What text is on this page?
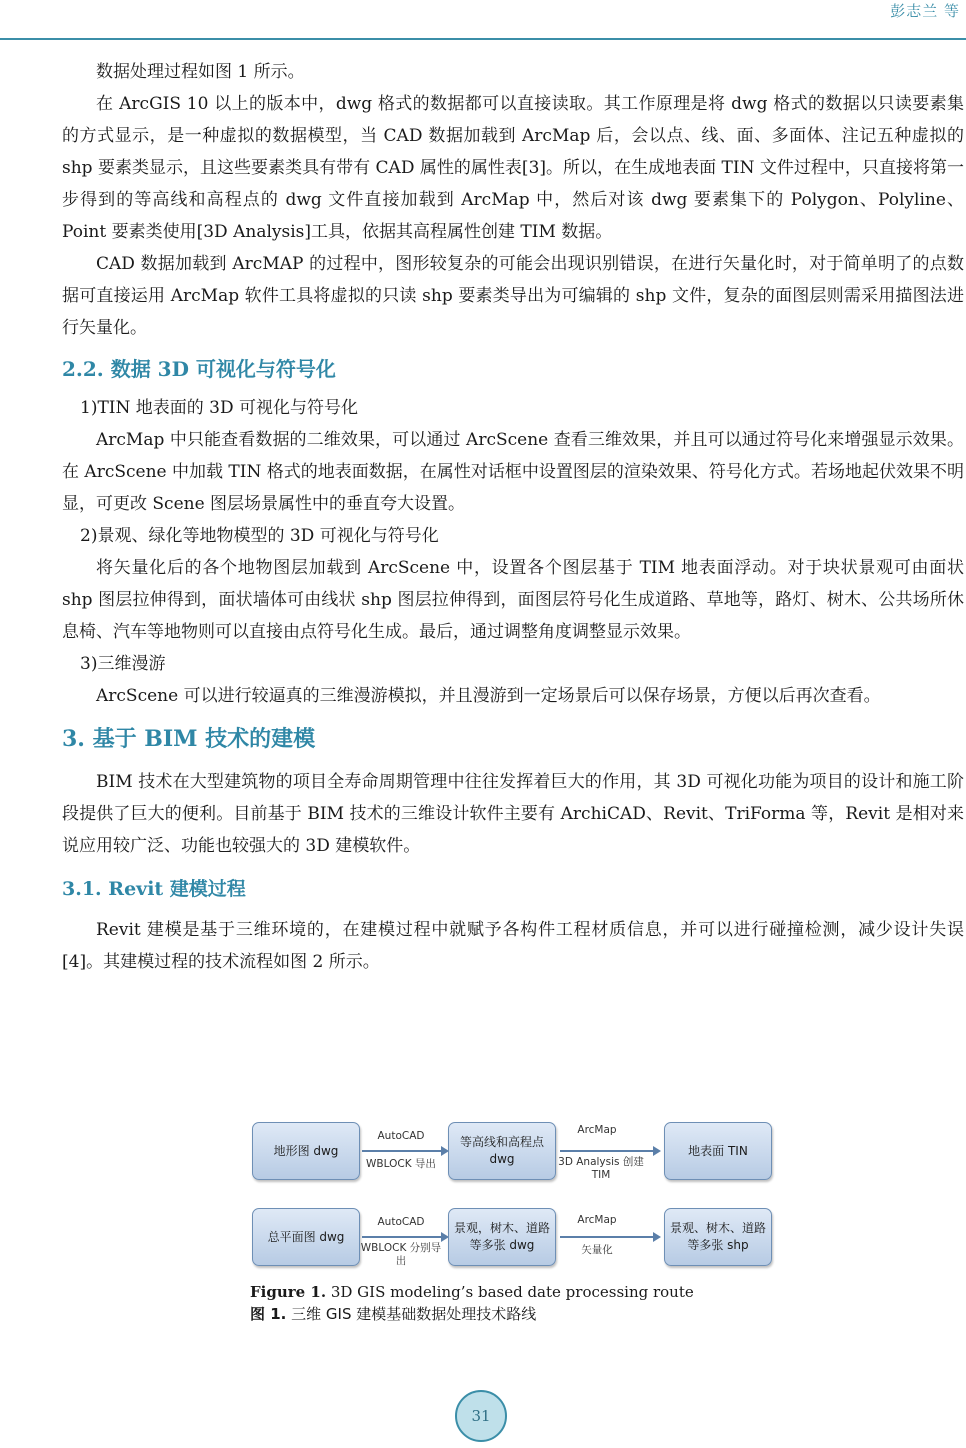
彭志兰 等

数据处理过程如图 1 所示。

在 ArcGIS 10 以上的版本中，dwg 格式的数据都可以直接读取。其工作原理是将 dwg 格式的数据以只读要素集的方式显示，是一种虚拟的数据模型，当 CAD 数据加载到 ArcMap 后，会以点、线、面、多面体、注记五种虚拟的 shp 要素类显示，且这些要素类具有带有 CAD 属性的属性表[3]。所以，在生成地表面 TIN 文件过程中，只直接将第一步得到的等高线和高程点的 dwg 文件直接加载到 ArcMap 中，然后对该 dwg 要素集下的 Polygon、Polyline、Point 要素类使用[3D Analysis]工具，依据其高程属性创建 TIM 数据。

CAD 数据加载到 ArcMAP 的过程中，图形较复杂的可能会出现识别错误，在进行矢量化时，对于简单明了的点数据可直接运用 ArcMap 软件工具将虚拟的只读 shp 要素类导出为可编辑的 shp 文件，复杂的面图层则需采用描图法进行矢量化。

2.2. 数据 3D 可视化与符号化

1)TIN 地表面的 3D 可视化与符号化

ArcMap 中只能查看数据的二维效果，可以通过 ArcScene 查看三维效果，并且可以通过符号化来增强显示效果。在 ArcScene 中加载 TIN 格式的地表面数据，在属性对话框中设置图层的渲染效果、符号化方式。若场地起伏效果不明显，可更改 Scene 图层场景属性中的垂直夸大设置。

2)景观、绿化等地物模型的 3D 可视化与符号化

将矢量化后的各个地物图层加载到 ArcScene 中，设置各个图层基于 TIM 地表面浮动。对于块状景观可由面状 shp 图层拉伸得到，面状墙体可由线状 shp 图层拉伸得到，面图层符号化生成道路、草地等，路灯、树木、公共场所休息椅、汽车等地物则可以直接由点符号化生成。最后，通过调整角度调整显示效果。

3)三维漫游

ArcScene 可以进行较逼真的三维漫游模拟，并且漫游到一定场景后可以保存场景，方便以后再次查看。

3. 基于 BIM 技术的建模

BIM 技术在大型建筑物的项目全寿命周期管理中往往发挥着巨大的作用，其 3D 可视化功能为项目的设计和施工阶段提供了巨大的便利。目前基于 BIM 技术的三维设计软件主要有 ArchiCAD、Revit、TriForma 等，Revit 是相对来说应用较广泛、功能也较强大的 3D 建模软件。

3.1. Revit 建模过程

Revit 建模是基于三维环境的，在建模过程中就赋予各构件工程材质信息，并可以进行碰撞检测，减少设计失误[4]。其建模过程的技术流程如图 2 所示。

地形图 dwg
AutoCAD
WBLOCK 导出
等高线和高程点 dwg
ArcMap
3D Analysis 创建 TIM
地表面 TIN
总平面图 dwg
AutoCAD
WBLOCK 分别导出
景观，树木、道路等多张 dwg
ArcMap
矢量化
景观、树木、道路等多张 shp
Figure 1. 3D GIS modeling’s based date processing route
图 1. 三维 GIS 建模基础数据处理技术路线
31
